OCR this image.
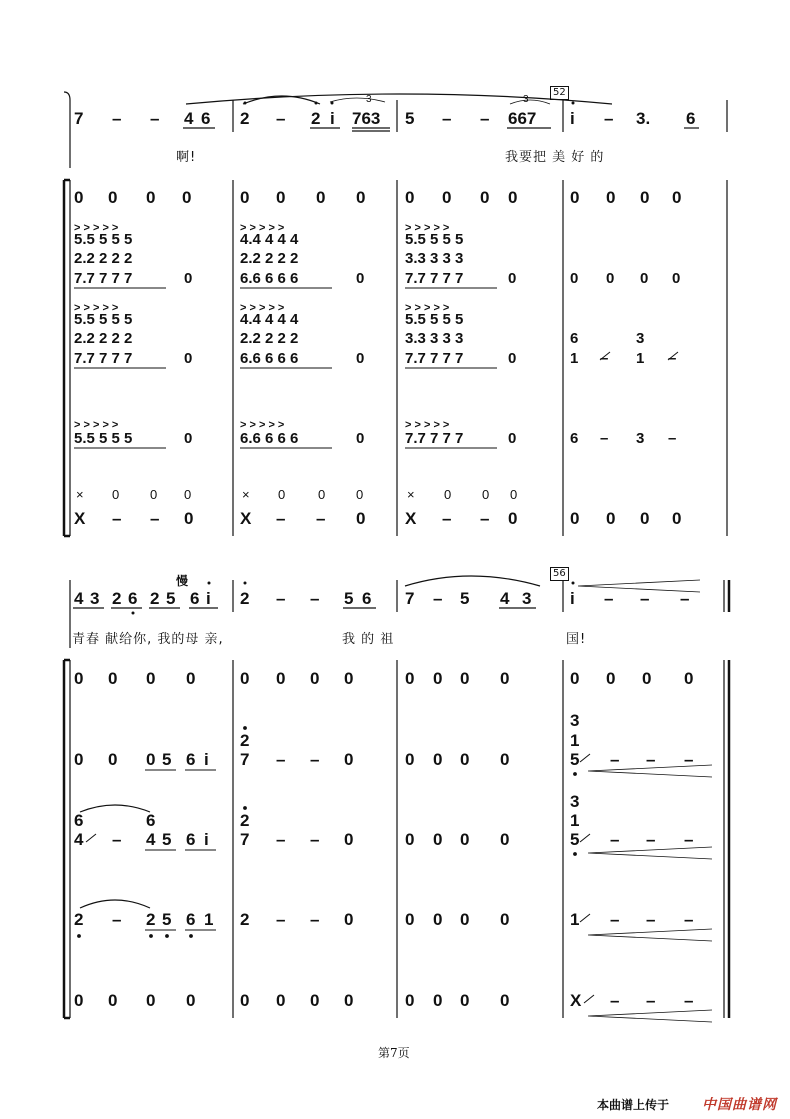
啊!	我要把 美 好 的
52
慢
青春 献给你, 我的母 亲,	我 的 祖	国!
56
第7页
本曲谱上传于 中国曲谱网
7 – – 4 6 2 – 2 i 763 5 – – 667 i – 3. 6
3	3
0 0 0 0	0 0 0 0 0 0 0 0	0 0 0 0
5.5 5 5 5
2.2 2 2 2
7.7 7 7 7	0
4.4 4 4 4
2.2 2 2 2
6.6 6 6 6	0
5.5 5 5 5
3.3 3 3 3
7.7 7 7 7	0	0 0 0 0
5.5 5 5 5
2.2 2 2 2
7.7 7 7 7	0
4.4 4 4 4
2.2 2 2 2
6.6 6 6 6	0
5.5 5 5 5
3.3 3 3 3
7.7 7 7 7	0
6
1 –
3
1 –
5.5 5 5 5	0	6.6 6 6 6	0	7.7 7 7 7	0	6 – 3 –
> > > > >	> > > > >	> > > > >
> > > > >	> > > > >	> > > > >
> > > > >	> > > > >	> > > > >
× 0 0 0	× 0	0 0	× 0 0 0
X – – 0	X – – 0 X – – 0	0 0 0 0
4 3 2 6 2 5 6 i 2 – – 5 6 7 – 5 4 3 i – – –
0 0 0 0	0 0 0 0	0 0 0 0	0 0 0 0
0 0 0 5 6 i
2
7 – – 0	0 0 0 0
3
1
5 – – –
6
4 –
6
4 5 6 i
2
7 – – 0	0 0 0 0
3
1
5 – – –
2 – 2 5 6 1 2 – – 0	0 0 0 0	1 – – –
0 0 0 0	0 0 0 0	0 0 0 0	X – – –
